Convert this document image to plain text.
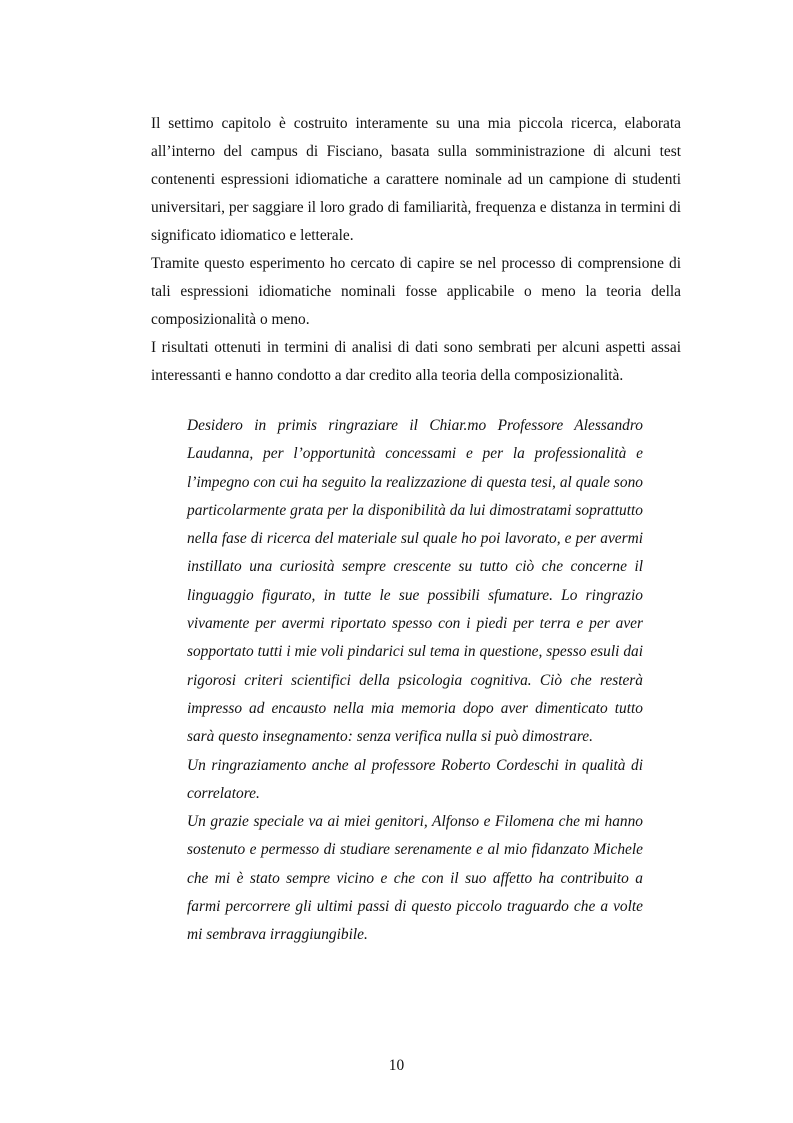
Il settimo capitolo è costruito interamente su una mia piccola ricerca, elaborata all’interno del campus di Fisciano, basata sulla somministrazione di alcuni test contenenti espressioni idiomatiche a carattere nominale ad un campione di studenti universitari, per saggiare il loro grado di familiarità, frequenza e distanza in termini di significato idiomatico e letterale.

Tramite questo esperimento ho cercato di capire se nel processo di comprensione di tali espressioni idiomatiche nominali fosse applicabile o meno la teoria della composizionalità o meno.

I risultati ottenuti in termini di analisi di dati sono sembrati per alcuni aspetti assai interessanti e hanno condotto a dar credito alla teoria della composizionalità.

Desidero in primis ringraziare il Chiar.mo Professore Alessandro Laudanna, per l’opportunità concessami e per la professionalità e l’impegno con cui ha seguito la realizzazione di questa tesi, al quale sono particolarmente grata per la disponibilità da lui dimostratami soprattutto nella fase di ricerca del materiale sul quale ho poi lavorato, e per avermi instillato una curiosità sempre crescente su tutto ciò che concerne il linguaggio figurato, in tutte le sue possibili sfumature. Lo ringrazio vivamente per avermi riportato spesso con i piedi per terra e per aver sopportato tutti i mie voli pindarici sul tema in questione, spesso esuli dai rigorosi criteri scientifici della psicologia cognitiva. Ciò che resterà impresso ad encausto nella mia memoria dopo aver dimenticato tutto sarà questo insegnamento: senza verifica nulla si può dimostrare.

Un ringraziamento anche al professore Roberto Cordeschi in qualità di correlatore.

Un grazie speciale va ai miei genitori, Alfonso e Filomena che mi hanno sostenuto e permesso di studiare serenamente e al mio fidanzato Michele che mi è stato sempre vicino e che con il suo affetto ha contribuito a farmi percorrere gli ultimi passi di questo piccolo traguardo che a volte mi sembrava irraggiungibile.

10
